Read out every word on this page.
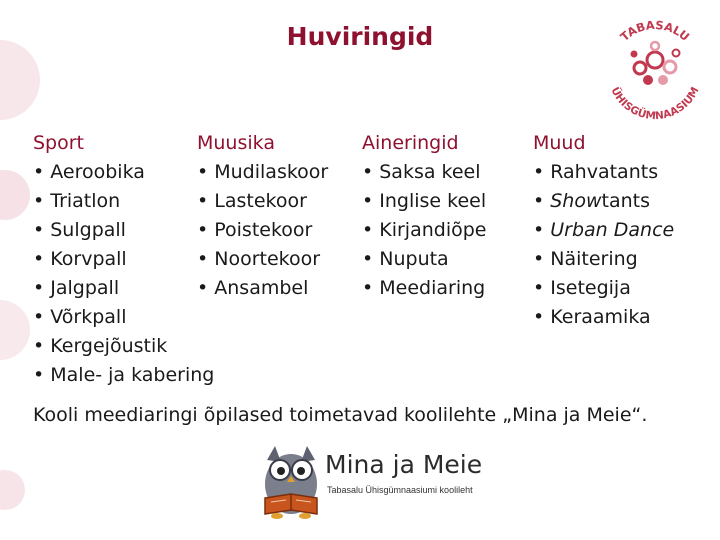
Huviringid	TABASALU
ÜHISGÜMNAASIUM
Sport
• Aeroobika
• Triatlon
• Sulgpall
• Korvpall
• Jalgpall
• Võrkpall
• Kergejõustik
• Male- ja kabering
Muusika
• Mudilaskoor
• Lastekoor
• Poistekoor
• Noortekoor
• Ansambel
Aineringid
• Saksa keel
• Inglise keel
• Kirjandiõpe
• Nuputa
• Meediaring
Muud
• Rahvatants
• Showtants
• Urban Dance
• Näitering
• Isetegija
• Keraamika
Kooli meediaringi õpilased toimetavad koolilehte „Mina ja Meie“.
Mina ja Meie
Tabasalu Ühisgümnaasiumi koolileht
